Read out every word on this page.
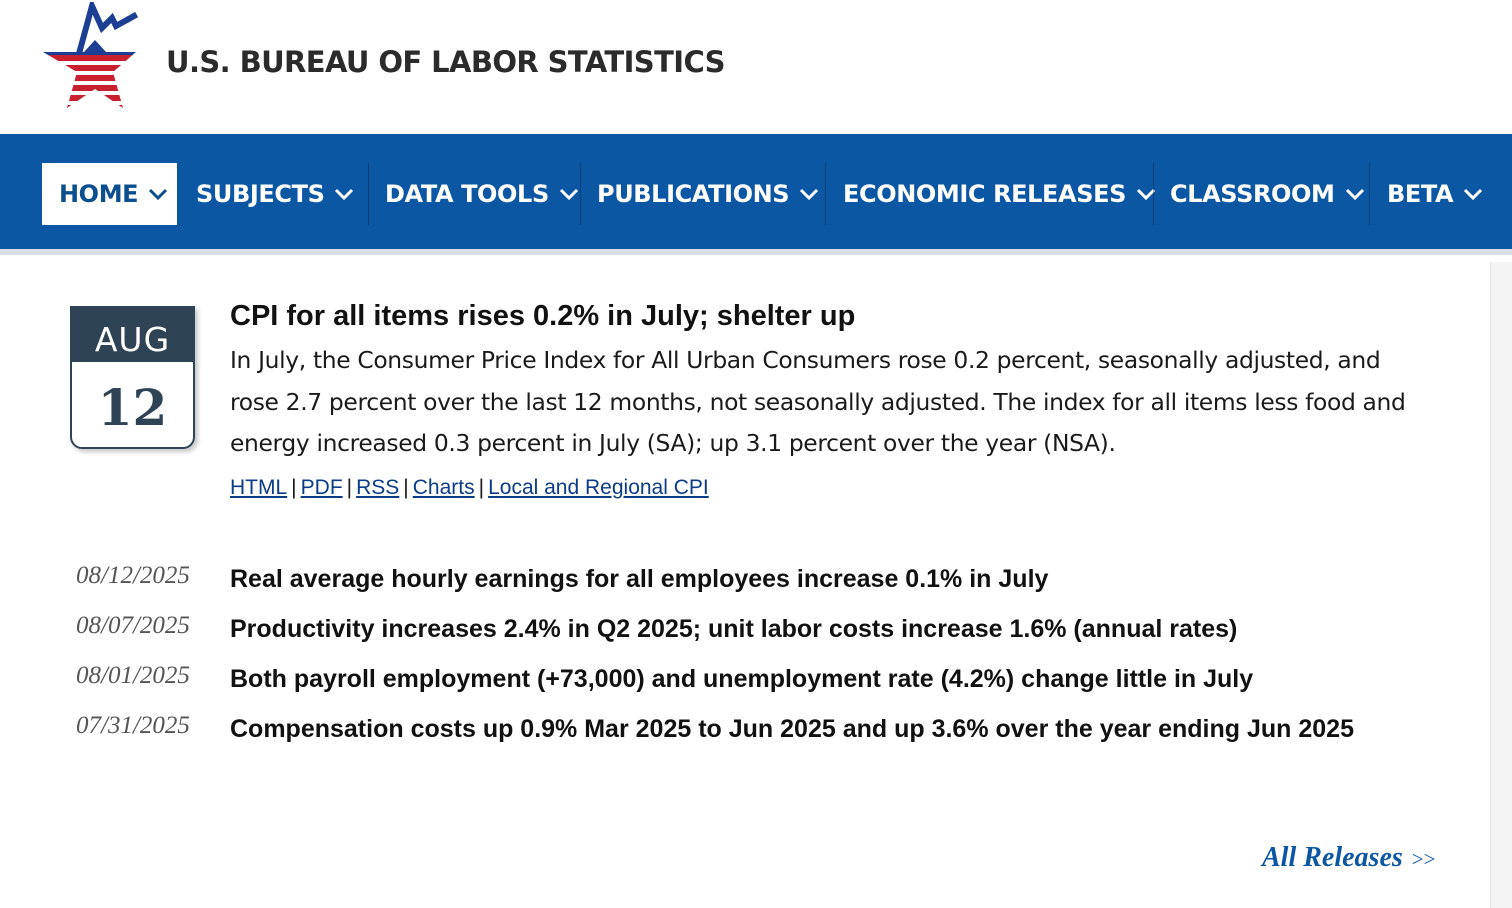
U.S. BUREAU OF LABOR STATISTICS
HOME SUBJECTS	DATA TOOLS PUBLICATIONS ECONOMIC RELEASES CLASSROOM BETA
AUG
12
CPI for all items rises 0.2% in July; shelter up
In July, the Consumer Price Index for All Urban Consumers rose 0.2 percent, seasonally adjusted, and rose 2.7 percent over the last 12 months, not seasonally adjusted. The index for all items less food and energy increased 0.3 percent in July (SA); up 3.1 percent over the year (NSA).
HTML | PDF | RSS | Charts | Local and Regional CPI
08/12/2025 Real average hourly earnings for all employees increase 0.1% in July
08/07/2025 Productivity increases 2.4% in Q2 2025; unit labor costs increase 1.6% (annual rates)
08/01/2025 Both payroll employment (+73,000) and unemployment rate (4.2%) change little in July
07/31/2025 Compensation costs up 0.9% Mar 2025 to Jun 2025 and up 3.6% over the year ending Jun 2025
All Releases >>
